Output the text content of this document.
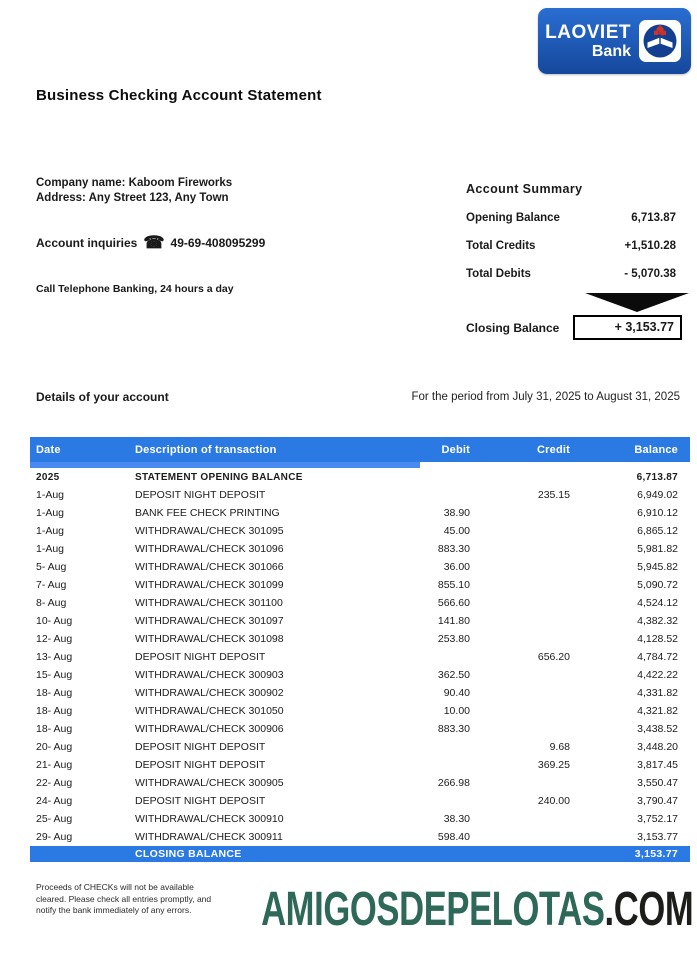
LAOVIET
Bank
Business Checking Account Statement
Company name: Kaboom Fireworks
Address: Any Street 123, Any Town
Account inquiries ☎ 49-69-408095299
Call Telephone Banking, 24 hours a day
Account Summary
Opening Balance	6,713.87
Total Credits	+1,510.28
Total Debits	- 5,070.38
Closing Balance	+ 3,153.77
Details of your account	For the period from July 31, 2025 to August 31, 2025
Date	Description of transaction	Debit	Credit	Balance
2025	STATEMENT OPENING BALANCE			6,713.87
1-Aug	DEPOSIT NIGHT DEPOSIT		235.15	6,949.02
1-Aug	BANK FEE CHECK PRINTING	38.90		6,910.12
1-Aug	WITHDRAWAL/CHECK 301095	45.00		6,865.12
1-Aug	WITHDRAWAL/CHECK 301096	883.30		5,981.82
5- Aug	WITHDRAWAL/CHECK 301066	36.00		5,945.82
7- Aug	WITHDRAWAL/CHECK 301099	855.10		5,090.72
8- Aug	WITHDRAWAL/CHECK 301100	566.60		4,524.12
10- Aug	WITHDRAWAL/CHECK 301097	141.80		4,382.32
12- Aug	WITHDRAWAL/CHECK 301098	253.80		4,128.52
13- Aug	DEPOSIT NIGHT DEPOSIT		656.20	4,784.72
15- Aug	WITHDRAWAL/CHECK 300903	362.50		4,422.22
18- Aug	WITHDRAWAL/CHECK 300902	90.40		4,331.82
18- Aug	WITHDRAWAL/CHECK 301050	10.00		4,321.82
18- Aug	WITHDRAWAL/CHECK 300906	883.30		3,438.52
20- Aug	DEPOSIT NIGHT DEPOSIT		9.68	3,448.20
21- Aug	DEPOSIT NIGHT DEPOSIT		369.25	3,817.45
22- Aug	WITHDRAWAL/CHECK 300905	266.98		3,550.47
24- Aug	DEPOSIT NIGHT DEPOSIT		240.00	3,790.47
25- Aug	WITHDRAWAL/CHECK 300910	38.30		3,752.17
29- Aug	WITHDRAWAL/CHECK 300911	598.40		3,153.77
	CLOSING BALANCE			3,153.77
Proceeds of CHECKs will not be available
cleared. Please check all entries promptly, and
notify the bank immediately of any errors.	AMIGOSDEPELOTAS.COM
